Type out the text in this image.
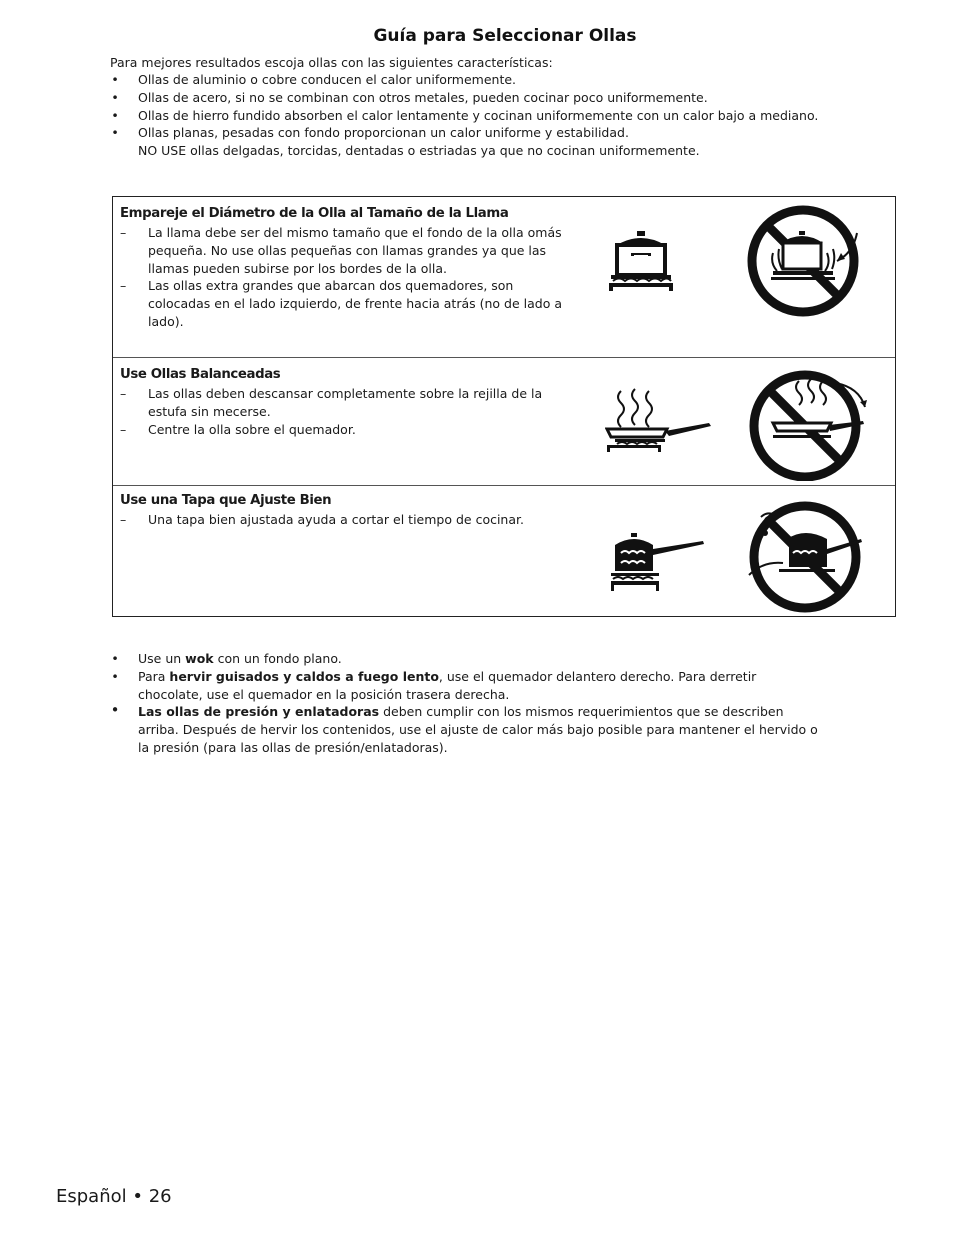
Guía para Seleccionar Ollas
Para mejores resultados escoja ollas con las siguientes características:
• Ollas de aluminio o cobre conducen el calor uniformemente.
• Ollas de acero, si no se combinan con otros metales, pueden cocinar poco uniformemente.
• Ollas de hierro fundido absorben el calor lentamente y cocinan uniformemente con un calor bajo a mediano.
• Ollas planas, pesadas con fondo proporcionan un calor uniforme y estabilidad.
NO USE ollas delgadas, torcidas, dentadas o estriadas ya que no cocinan uniformemente.
Empareje el Diámetro de la Olla al Tamaño de la Llama
– La llama debe ser del mismo tamaño que el fondo de la olla omás
pequeña. No use ollas pequeñas con llamas grandes ya que las
llamas pueden subirse por los bordes de la olla.
– Las ollas extra grandes que abarcan dos quemadores, son
colocadas en el lado izquierdo, de frente hacia atrás (no de lado a
lado).
Use Ollas Balanceadas
– Las ollas deben descansar completamente sobre la rejilla de la
estufa sin mecerse.
– Centre la olla sobre el quemador.
Use una Tapa que Ajuste Bien
– Una tapa bien ajustada ayuda a cortar el tiempo de cocinar.
• Use un wok con un fondo plano.
• Para hervir guisados y caldos a fuego lento, use el quemador delantero derecho. Para derretir
chocolate, use el quemador en la posición trasera derecha.
• Las ollas de presión y enlatadoras deben cumplir con los mismos requerimientos que se describen
arriba. Después de hervir los contenidos, use el ajuste de calor más bajo posible para mantener el hervido o
la presión (para las ollas de presión/enlatadoras).
Español • 26
